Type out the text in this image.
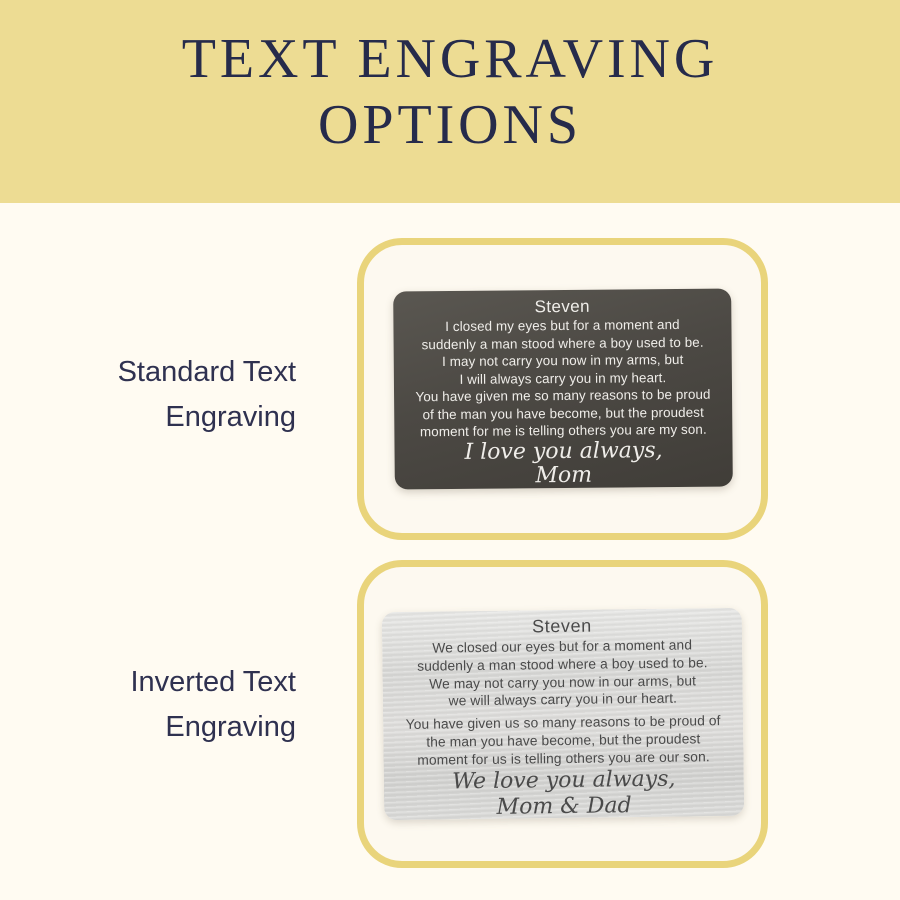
TEXT ENGRAVING
OPTIONS
Standard Text
Engraving
Steven
I closed my eyes but for a moment and
suddenly a man stood where a boy used to be.
I may not carry you now in my arms, but
I will always carry you in my heart.
You have given me so many reasons to be proud
of the man you have become, but the proudest
moment for me is telling others you are my son.
I love you always,
Mom
Inverted Text
Engraving
Steven
We closed our eyes but for a moment and
suddenly a man stood where a boy used to be.
We may not carry you now in our arms, but
we will always carry you in our heart.
You have given us so many reasons to be proud of
the man you have become, but the proudest
moment for us is telling others you are our son.
We love you always,
Mom & Dad
